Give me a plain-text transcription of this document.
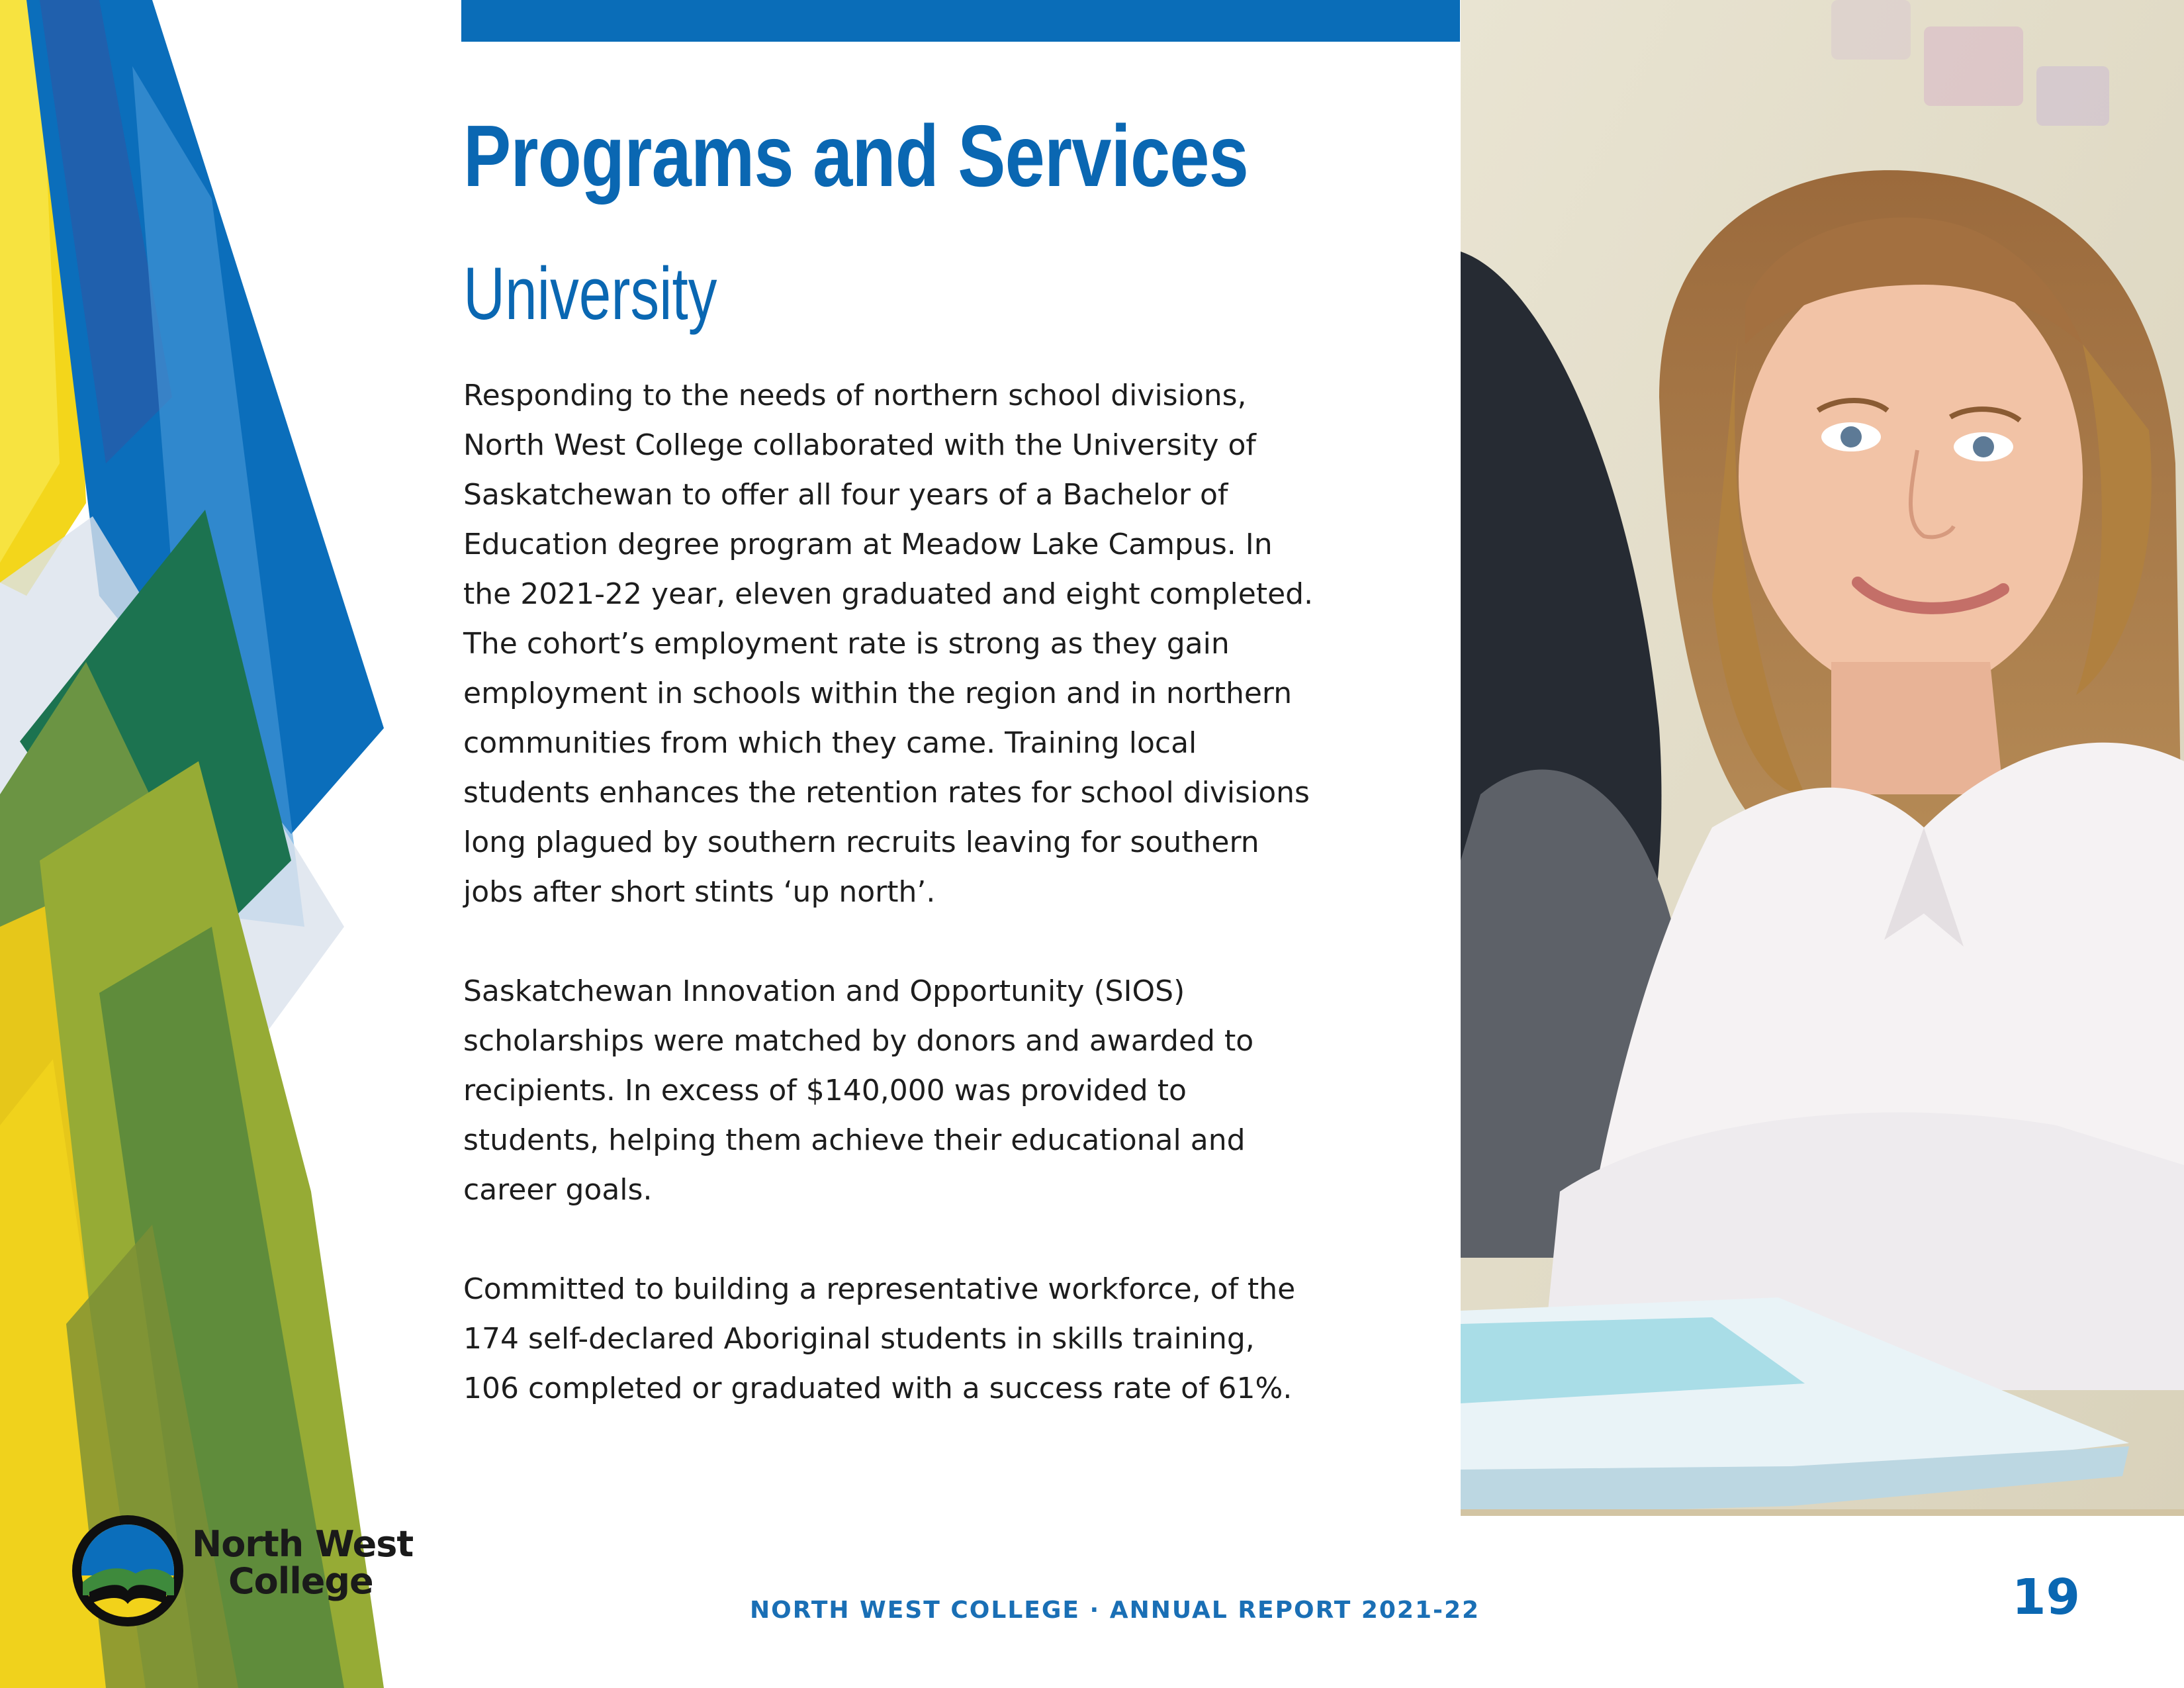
Programs and Services
University

Responding to the needs of northern school divisions,
North West College collaborated with the University of
Saskatchewan to offer all four years of a Bachelor of
Education degree program at Meadow Lake Campus. In
the 2021-22 year, eleven graduated and eight completed.
The cohort’s employment rate is strong as they gain
employment in schools within the region and in northern
communities from which they came. Training local
students enhances the retention rates for school divisions
long plagued by southern recruits leaving for southern
jobs after short stints ‘up north’.

Saskatchewan Innovation and Opportunity (SIOS)
scholarships were matched by donors and awarded to
recipients. In excess of $140,000 was provided to
students, helping them achieve their educational and
career goals.

Committed to building a representative workforce, of the
174 self-declared Aboriginal students in skills training,
106 completed or graduated with a success rate of 61%.

NORTH WEST COLLEGE · ANNUAL REPORT 2021-22	19
North West
College
